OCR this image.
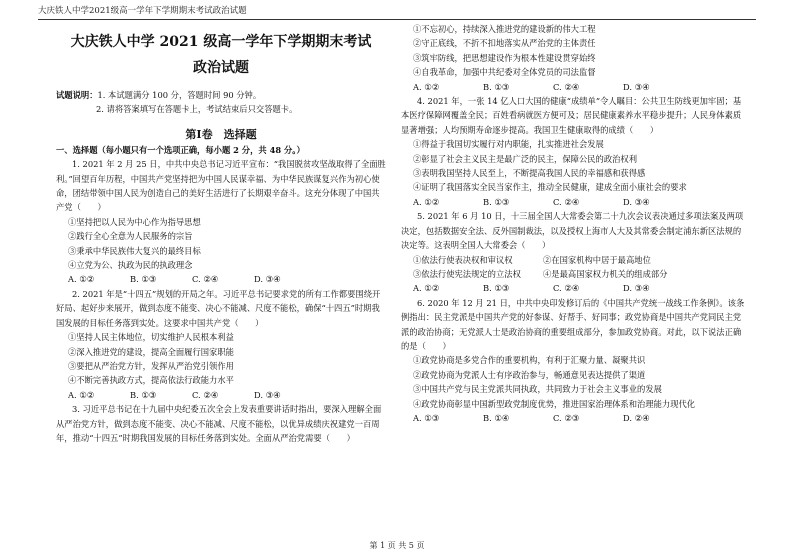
大庆铁人中学2021级高一学年下学期期末考试政治试题
大庆铁人中学 2021 级高一学年下学期期末考试
政治试题

试题说明：1. 本试题满分 100 分，答题时间 90 分钟。

2. 请将答案填写在答题卡上，考试结束后只交答题卡。

第Ⅰ卷　选择题

一、选择题（每小题只有一个选项正确，每小题 2 分，共 48 分。）

1. 2021 年 2 月 25 日，中共中央总书记习近平宣布：“我国脱贫攻坚战取得了全面胜利。”回望百年历程，中国共产党坚持把为中国人民谋幸福、为中华民族谋复兴作为初心使命，团结带领中国人民为创造自己的美好生活进行了长期艰辛奋斗。这充分体现了中国共产党（　　）

①坚持把以人民为中心作为指导思想

②践行全心全意为人民服务的宗旨

③秉承中华民族伟大复兴的最终目标

④立党为公、执政为民的执政理念

A. ①②	B. ①③	C. ②④	D. ③④

2. 2021 年是“十四五”规划的开局之年。习近平总书记要求党的所有工作都要围绕开好局、起好步来展开，做到态度不能变、决心不能减、尺度不能松，确保“十四五”时期我国发展的目标任务落到实处。这要求中国共产党（　　）

①坚持人民主体地位，切实维护人民根本利益

②深入推进党的建设，提高全面履行国家职能

③要把从严治党方针，发挥从严治党引领作用

④不断完善执政方式，提高依法行政能力水平

A. ①②	B. ①③	C. ②④	D. ③④

3. 习近平总书记在十九届中央纪委五次全会上发表重要讲话时指出，要深入理解全面从严治党方针，做到态度不能变、决心不能减、尺度不能松，以优异成绩庆祝建党一百周年，推动“十四五”时期我国发展的目标任务落到实处。全面从严治党需要（　　）

①不忘初心，持续深入推进党的建设新的伟大工程

②守正底线，不折不扣地落实从严治党的主体责任

③筑牢防线，把思想建设作为根本性建设贯穿始终

④自我革命，加强中共纪委对全体党员的司法监督

A. ①②	B. ①③	C. ②④	D. ③④

4. 2021 年，一张 14 亿人口大国的健康“成绩单”令人瞩目：公共卫生防线更加牢固；基本医疗保障网覆盖全民；百姓看病就医方便可及；居民健康素养水平稳步提升；人民身体素质显著增强；人均预期寿命逐步提高。我国卫生健康取得的成绩（　　）

①得益于我国切实履行对内职能，扎实推进社会发展

②彰显了社会主义民主是最广泛的民主，保障公民的政治权利

③表明我国坚持人民至上，不断提高我国人民的幸福感和获得感

④证明了我国落实全民当家作主，推动全民健康，建成全面小康社会的要求

A. ①②	B. ①③	C. ②④	D. ③④

5. 2021 年 6 月 10 日，十三届全国人大常委会第二十九次会议表决通过多项法案及两项决定，包括数据安全法、反外国制裁法，以及授权上海市人大及其常委会制定浦东新区法规的决定等。这表明全国人大常委会（　　）

①依法行使表决权和审议权	②在国家机构中居于最高地位
③依法行使宪法规定的立法权	④是最高国家权力机关的组成部分
A. ①②	B. ①③	C. ②④	D. ③④

6. 2020 年 12 月 21 日，中共中央印发修订后的《中国共产党统一战线工作条例》。该条例指出：民主党派是中国共产党的好参谋、好帮手、好同事；政党协商是中国共产党同民主党派的政治协商；无党派人士是政治协商的重要组成部分，参加政党协商。对此，以下说法正确的是（　　）

①政党协商是多党合作的重要机构，有利于汇聚力量、凝聚共识

②政党协商为党派人士有序政治参与，畅通意见表达提供了渠道

③中国共产党与民主党派共同执政，共同致力于社会主义事业的发展

④政党协商彰显中国新型政党制度优势，推进国家治理体系和治理能力现代化

A. ①③	B. ①④	C. ②③	D. ②④
第 1 页 共 5 页
